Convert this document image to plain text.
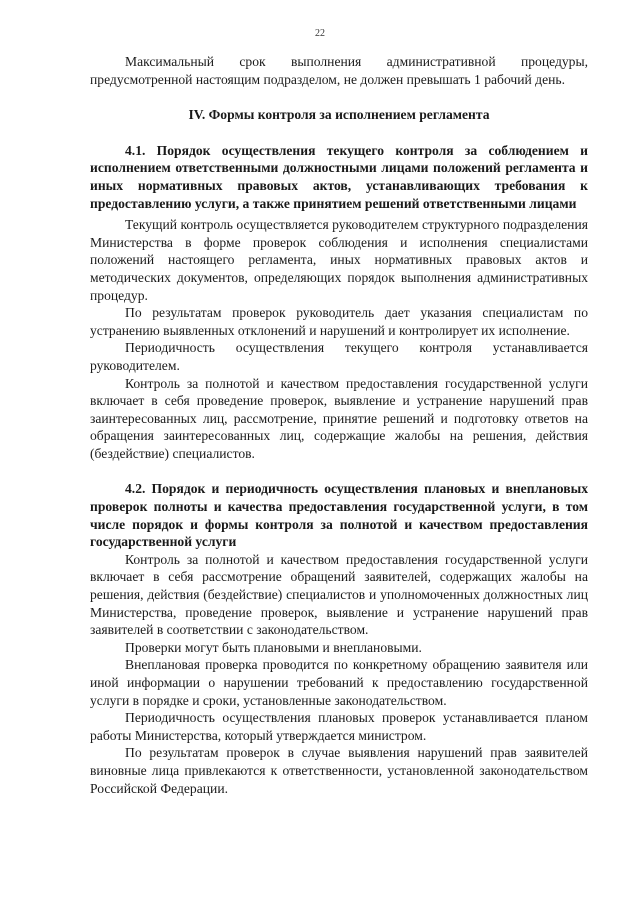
22

Максимальный срок выполнения административной процедуры, предусмотренной настоящим подразделом, не должен превышать 1 рабочий день.

IV. Формы контроля за исполнением регламента
4.1. Порядок осуществления текущего контроля за соблюдением и исполнением ответственными должностными лицами положений регламента и иных нормативных правовых актов, устанавливающих требования к предоставлению услуги, а также принятием решений ответственными лицами

Текущий контроль осуществляется руководителем структурного подразделения Министерства в форме проверок соблюдения и исполнения специалистами положений настоящего регламента, иных нормативных правовых актов и методических документов, определяющих порядок выполнения административных процедур.

По результатам проверок руководитель дает указания специалистам по устранению выявленных отклонений и нарушений и контролирует их исполнение.

Периодичность осуществления текущего контроля устанавливается руководителем.

Контроль за полнотой и качеством предоставления государственной услуги включает в себя проведение проверок, выявление и устранение нарушений прав заинтересованных лиц, рассмотрение, принятие решений и подготовку ответов на обращения заинтересованных лиц, содержащие жалобы на решения, действия (бездействие) специалистов.

4.2. Порядок и периодичность осуществления плановых и внеплановых проверок полноты и качества предоставления государственной услуги, в том числе порядок и формы контроля за полнотой и качеством предоставления государственной услуги

Контроль за полнотой и качеством предоставления государственной услуги включает в себя рассмотрение обращений заявителей, содержащих жалобы на решения, действия (бездействие) специалистов и уполномоченных должностных лиц Министерства, проведение проверок, выявление и устранение нарушений прав заявителей в соответствии с законодательством.

Проверки могут быть плановыми и внеплановыми.

Внеплановая проверка проводится по конкретному обращению заявителя или иной информации о нарушении требований к предоставлению государственной услуги в порядке и сроки, установленные законодательством.

Периодичность осуществления плановых проверок устанавливается планом работы Министерства, который утверждается министром.

По результатам проверок в случае выявления нарушений прав заявителей виновные лица привлекаются к ответственности, установленной законодательством Российской Федерации.
